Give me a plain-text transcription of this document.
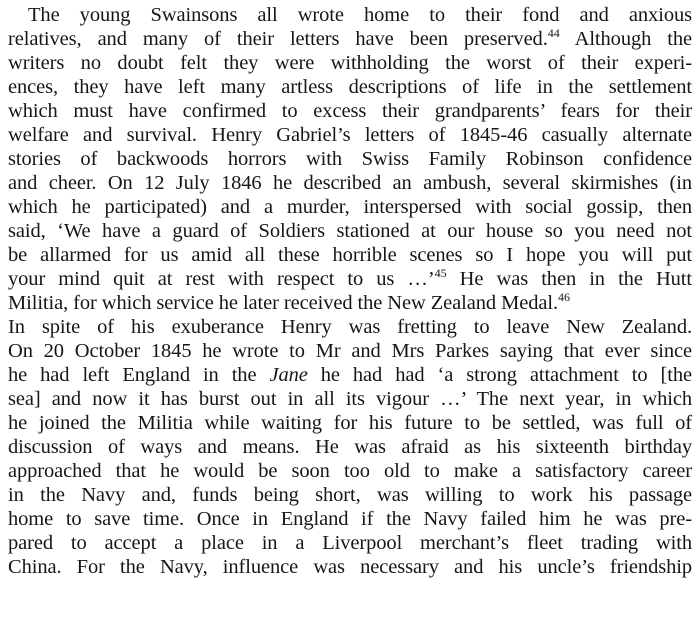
The young Swainsons all wrote home to their fond and anxious
relatives, and many of their letters have been preserved.$^{44}$ Although the
writers no doubt felt they were withholding the worst of their experi-
ences, they have left many artless descriptions of life in the settlement
which must have confirmed to excess their grandparents’ fears for their
welfare and survival. Henry Gabriel’s letters of 1845-46 casually alternate
stories of backwoods horrors with Swiss Family Robinson confidence
and cheer. On 12 July 1846 he described an ambush, several skirmishes (in
which he participated) and a murder, interspersed with social gossip, then
said, ‘We have a guard of Soldiers stationed at our house so you need not
be allarmed for us amid all these horrible scenes so I hope you will put
your mind quit at rest with respect to us …’$^{45}$ He was then in the Hutt
Militia, for which service he later received the New Zealand Medal.$^{46}$
In spite of his exuberance Henry was fretting to leave New Zealand.
On 20 October 1845 he wrote to Mr and Mrs Parkes saying that ever since
he had left England in the Jane he had had ‘a strong attachment to [the
sea] and now it has burst out in all its vigour …’ The next year, in which
he joined the Militia while waiting for his future to be settled, was full of
discussion of ways and means. He was afraid as his sixteenth birthday
approached that he would be soon too old to make a satisfactory career
in the Navy and, funds being short, was willing to work his passage
home to save time. Once in England if the Navy failed him he was pre-
pared to accept a place in a Liverpool merchant’s fleet trading with
China. For the Navy, influence was necessary and his uncle’s friendship
